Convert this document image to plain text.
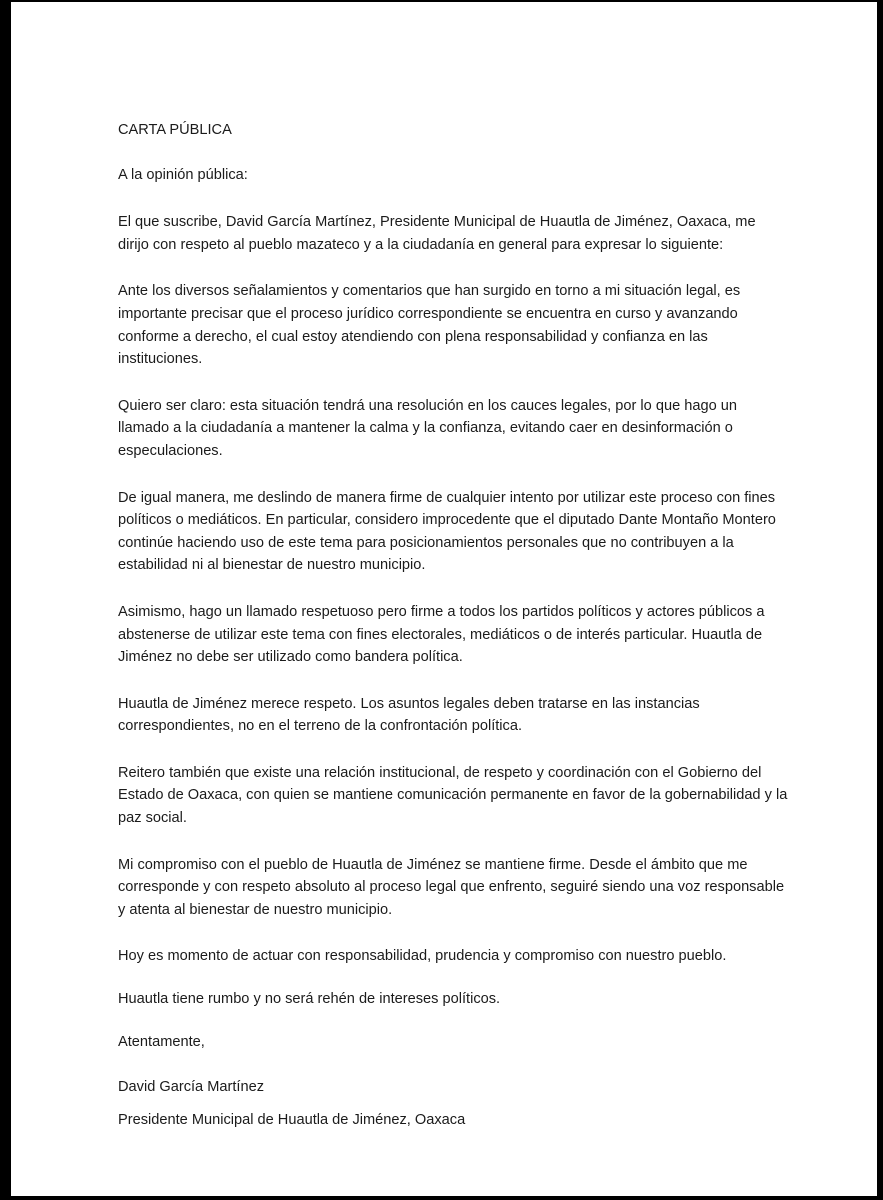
CARTA PÚBLICA

A la opinión pública:

El que suscribe, David García Martínez, Presidente Municipal de Huautla de Jiménez, Oaxaca, me dirijo con respeto al pueblo mazateco y a la ciudadanía en general para expresar lo siguiente:

Ante los diversos señalamientos y comentarios que han surgido en torno a mi situación legal, es importante precisar que el proceso jurídico correspondiente se encuentra en curso y avanzando conforme a derecho, el cual estoy atendiendo con plena responsabilidad y confianza en las instituciones.

Quiero ser claro: esta situación tendrá una resolución en los cauces legales, por lo que hago un llamado a la ciudadanía a mantener la calma y la confianza, evitando caer en desinformación o especulaciones.

De igual manera, me deslindo de manera firme de cualquier intento por utilizar este proceso con fines políticos o mediáticos. En particular, considero improcedente que el diputado Dante Montaño Montero continúe haciendo uso de este tema para posicionamientos personales que no contribuyen a la estabilidad ni al bienestar de nuestro municipio.

Asimismo, hago un llamado respetuoso pero firme a todos los partidos políticos y actores públicos a abstenerse de utilizar este tema con fines electorales, mediáticos o de interés particular. Huautla de Jiménez no debe ser utilizado como bandera política.

Huautla de Jiménez merece respeto. Los asuntos legales deben tratarse en las instancias correspondientes, no en el terreno de la confrontación política.

Reitero también que existe una relación institucional, de respeto y coordinación con el Gobierno del Estado de Oaxaca, con quien se mantiene comunicación permanente en favor de la gobernabilidad y la paz social.

Mi compromiso con el pueblo de Huautla de Jiménez se mantiene firme. Desde el ámbito que me corresponde y con respeto absoluto al proceso legal que enfrento, seguiré siendo una voz responsable y atenta al bienestar de nuestro municipio.

Hoy es momento de actuar con responsabilidad, prudencia y compromiso con nuestro pueblo.

Huautla tiene rumbo y no será rehén de intereses políticos.

Atentamente,

David García Martínez

Presidente Municipal de Huautla de Jiménez, Oaxaca
